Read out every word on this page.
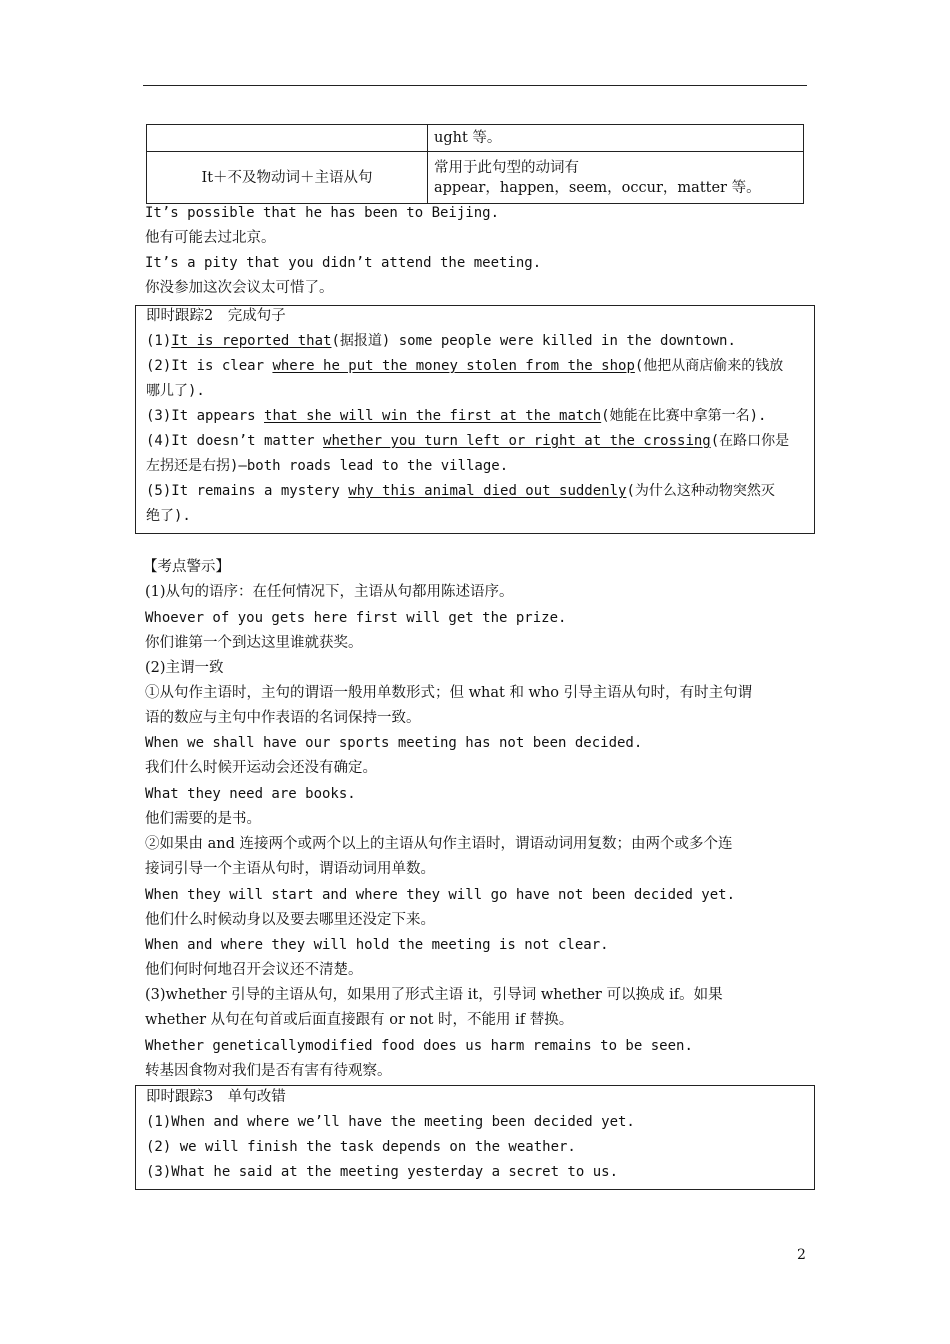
	ught 等。
It＋不及物动词＋主语从句	常用于此句型的动词有
appear，happen，seem，occur，matter 等。
It’s possible that he has been to Beijing.
他有可能去过北京。
It’s a pity that you didn’t attend the meeting.
你没参加这次会议太可惜了。
即时跟踪2　完成句子
(1)It is reported that(据报道) some people were killed in the downtown.
(2)It is clear where he put the money stolen from the shop(他把从商店偷来的钱放
哪儿了).
(3)It appears that she will win the first at the match(她能在比赛中拿第一名).
(4)It doesn’t matter whether you turn left or right at the crossing(在路口你是
左拐还是右拐)—both roads lead to the village.
(5)It remains a mystery why this animal died out suddenly(为什么这种动物突然灭
绝了).
【考点警示】
(1)从句的语序：在任何情况下，主语从句都用陈述语序。
Whoever of you gets here first will get the prize.
你们谁第一个到达这里谁就获奖。
(2)主谓一致
①从句作主语时，主句的谓语一般用单数形式；但 what 和 who 引导主语从句时，有时主句谓
语的数应与主句中作表语的名词保持一致。
When we shall have our sports meeting has not been decided.
我们什么时候开运动会还没有确定。
What they need are books.
他们需要的是书。
②如果由 and 连接两个或两个以上的主语从句作主语时，谓语动词用复数；由两个或多个连
接词引导一个主语从句时，谓语动词用单数。
When they will start and where they will go have not been decided yet.
他们什么时候动身以及要去哪里还没定下来。
When and where they will hold the meeting is not clear.
他们何时何地召开会议还不清楚。
(3)whether 引导的主语从句，如果用了形式主语 it，引导词 whether 可以换成 if。如果
whether 从句在句首或后面直接跟有 or not 时，不能用 if 替换。
Whether geneticallymodified food does us harm remains to be seen.
转基因食物对我们是否有害有待观察。
即时跟踪3　单句改错
(1)When and where we’ll have the meeting been decided yet.
(2) we will finish the task depends on the weather.
(3)What he said at the meeting yesterday a secret to us.
2
